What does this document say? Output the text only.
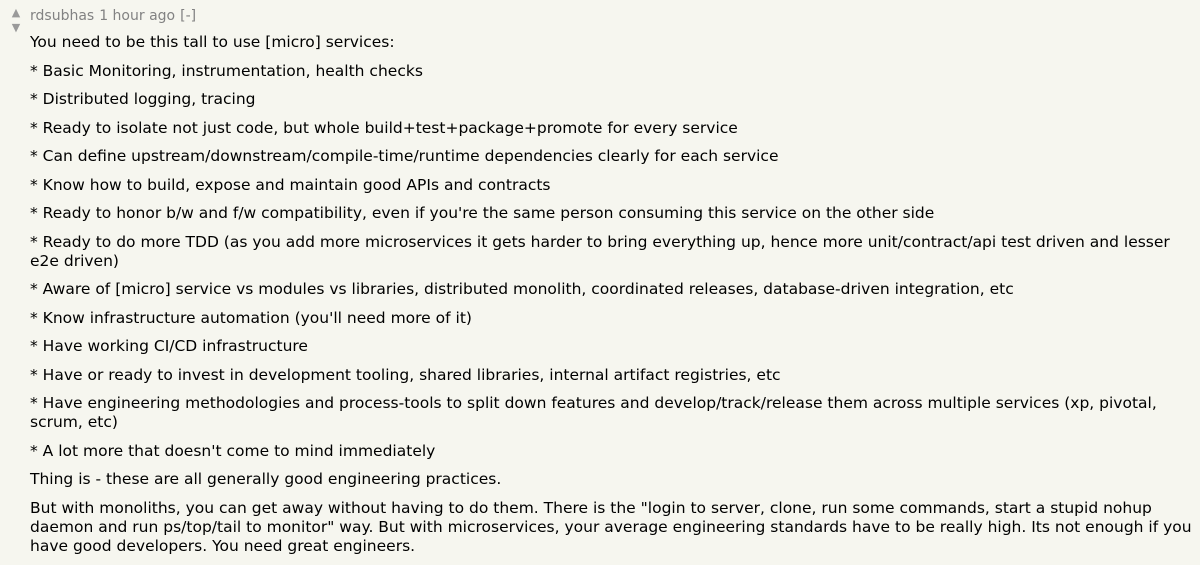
▲
▼
rdsubhas 1 hour ago [-]

You need to be this tall to use [micro] services:

* Basic Monitoring, instrumentation, health checks

* Distributed logging, tracing

* Ready to isolate not just code, but whole build+test+package+promote for every service

* Can define upstream/downstream/compile-time/runtime dependencies clearly for each service

* Know how to build, expose and maintain good APIs and contracts

* Ready to honor b/w and f/w compatibility, even if you're the same person consuming this service on the other side

* Ready to do more TDD (as you add more microservices it gets harder to bring everything up, hence more unit/contract/api test driven and lesser e2e driven)

* Aware of [micro] service vs modules vs libraries, distributed monolith, coordinated releases, database-driven integration, etc

* Know infrastructure automation (you'll need more of it)

* Have working CI/CD infrastructure

* Have or ready to invest in development tooling, shared libraries, internal artifact registries, etc

* Have engineering methodologies and process-tools to split down features and develop/track/release them across multiple services (xp, pivotal, scrum, etc)

* A lot more that doesn't come to mind immediately

Thing is - these are all generally good engineering practices.

But with monoliths, you can get away without having to do them. There is the "login to server, clone, run some commands, start a stupid nohup daemon and run ps/top/tail to monitor" way. But with microservices, your average engineering standards have to be really high. Its not enough if you have good developers. You need great engineers.
